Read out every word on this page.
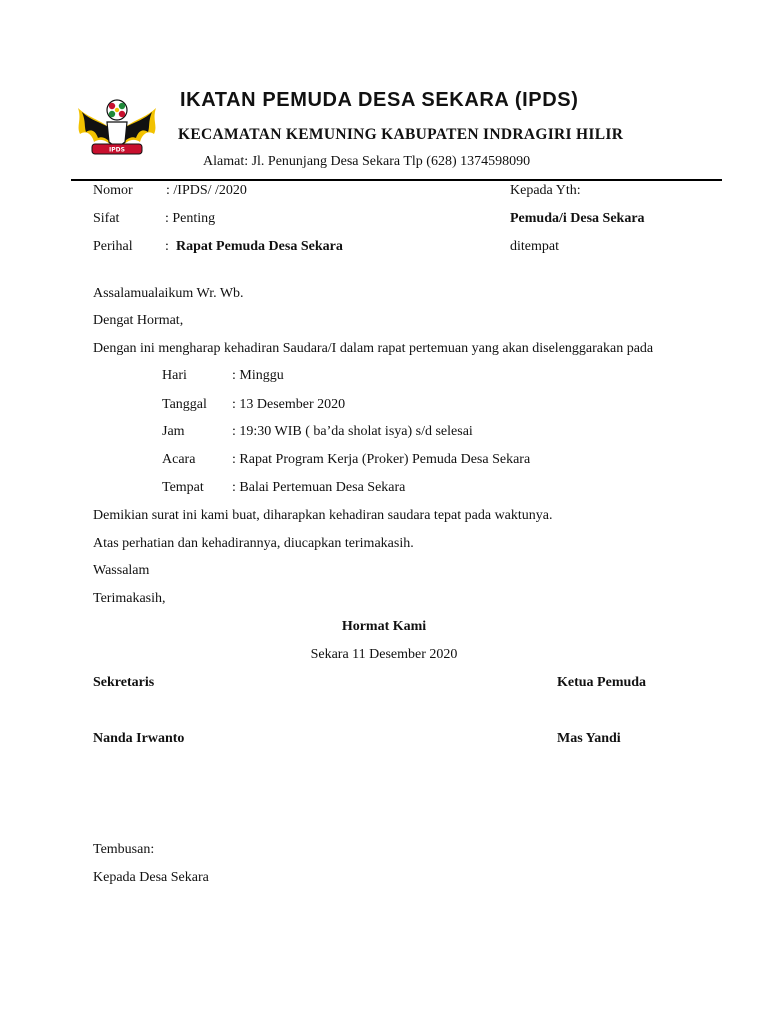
IPDS
IKATAN PEMUDA DESA SEKARA (IPDS)
KECAMATAN KEMUNING KABUPATEN INDRAGIRI HILIR
Alamat: Jl. Penunjang Desa Sekara Tlp (628) 1374598090
Nomor : /IPDS/ /2020
Sifat	: Penting
Perihal : Rapat Pemuda Desa Sekara
Kepada Yth:
Pemuda/i Desa Sekara
ditempat
Assalamualaikum Wr. Wb.
Dengat Hormat,
Dengan ini mengharap kehadiran Saudara/I dalam rapat pertemuan yang akan diselenggarakan pada
Hari	: Minggu
Tanggal : 13 Desember 2020
Jam	: 19:30 WIB ( ba’da sholat isya) s/d selesai
Acara	: Rapat Program Kerja (Proker) Pemuda Desa Sekara
Tempat : Balai Pertemuan Desa Sekara
Demikian surat ini kami buat, diharapkan kehadiran saudara tepat pada waktunya.
Atas perhatian dan kehadirannya, diucapkan terimakasih.
Wassalam
Terimakasih,
Hormat Kami
Sekara 11 Desember 2020
Sekretaris	Ketua Pemuda
Nanda Irwanto	Mas Yandi
Tembusan:
Kepada Desa Sekara
